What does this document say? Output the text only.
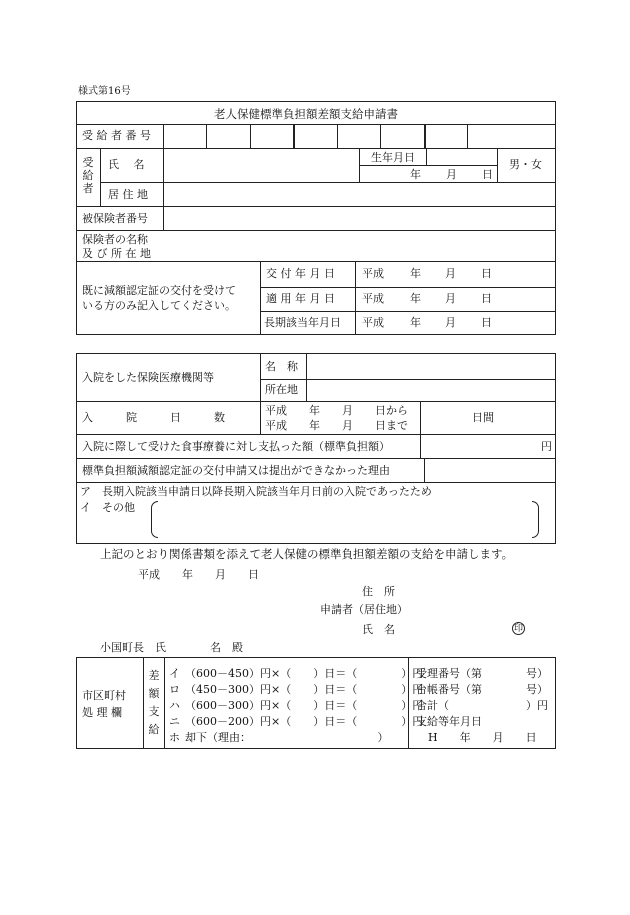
様式第16号
老人保健標準負担額差額支給申請書
受 給 者 番 号
受給者
氏　 名
生年月日
年 月 日
男・女
居 住 地
被保険者番号
保険者の名称
及 び 所 在 地
既に減額認定証の交付を受けて
いる方のみ記入してください。
交 付 年 月 日 平成 年 月 日
適 用 年 月 日 平成 年 月 日
長期該当年月日 平成 年 月 日
入院をした保険医療機関等
名　称
所在地
入　　　院　　　日　　　数
平成　　年　　月　　日から
平成　　年　　月　　日まで
日間
入院に際して受けた食事療養に対し支払った額（標準負担額）	円
標準負担額減額認定証の交付申請又は提出ができなかった理由
ア　長期入院該当申請日以降長期入院該当年月日前の入院であったため
イ　その他
上記のとおり関係書類を添えて老人保健の標準負担額差額の支給を申請します。
平成　　年　　月　　日
住　所
申請者（居住地）
氏　名	印
小国町長　氏　　　　名　殿
市区町村
処 理 欄
差額支給
イ （600－450）円×（　　）日＝（　　　　）円
ロ （450－300）円×（　　）日＝（　　　　）円
ハ （600－300）円×（　　）日＝（　　　　）円
ニ （600－200）円×（　　）日＝（　　　　）円
ホ 却下（理由：　　　　　　　　　　　　）
受理番号（第　　　　号）
台帳番号（第　　　　号）
合計（　　　　　　　）円
支給等年月日
H　　年　　月　　日
